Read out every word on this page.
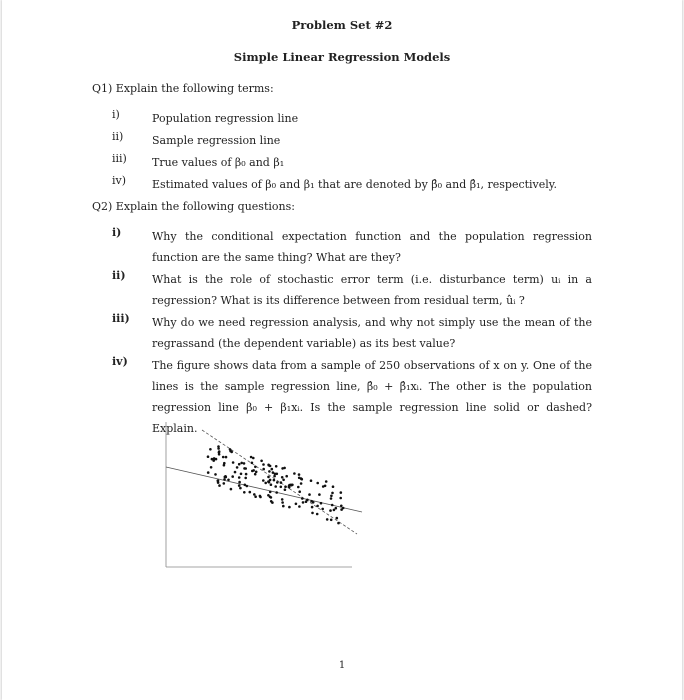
Problem Set #2
Simple Linear Regression Models
Q1) Explain the following terms:
i)	Population regression line
ii)	Sample regression line
iii)	True values of β₀ and β₁
iv)	Estimated values of β₀ and β₁ that are denoted by β̂₀ and β̂₁, respectively.
Q2) Explain the following questions:
i)	Why the conditional expectation function and the population regression function are the same thing? What are they?
ii)	What is the role of stochastic error term (i.e. disturbance term) uᵢ in a regression? What is its difference between from residual term, ûᵢ ?
iii)	Why do we need regression analysis, and why not simply use the mean of the regrassand (the dependent variable) as its best value?
iv)	The figure shows data from a sample of 250 observations of x on y. One of the lines is the sample regression line, β̂₀ + β̂₁xᵢ. The other is the population regression line β₀ + β₁xᵢ. Is the sample regression line solid or dashed? Explain.
1
